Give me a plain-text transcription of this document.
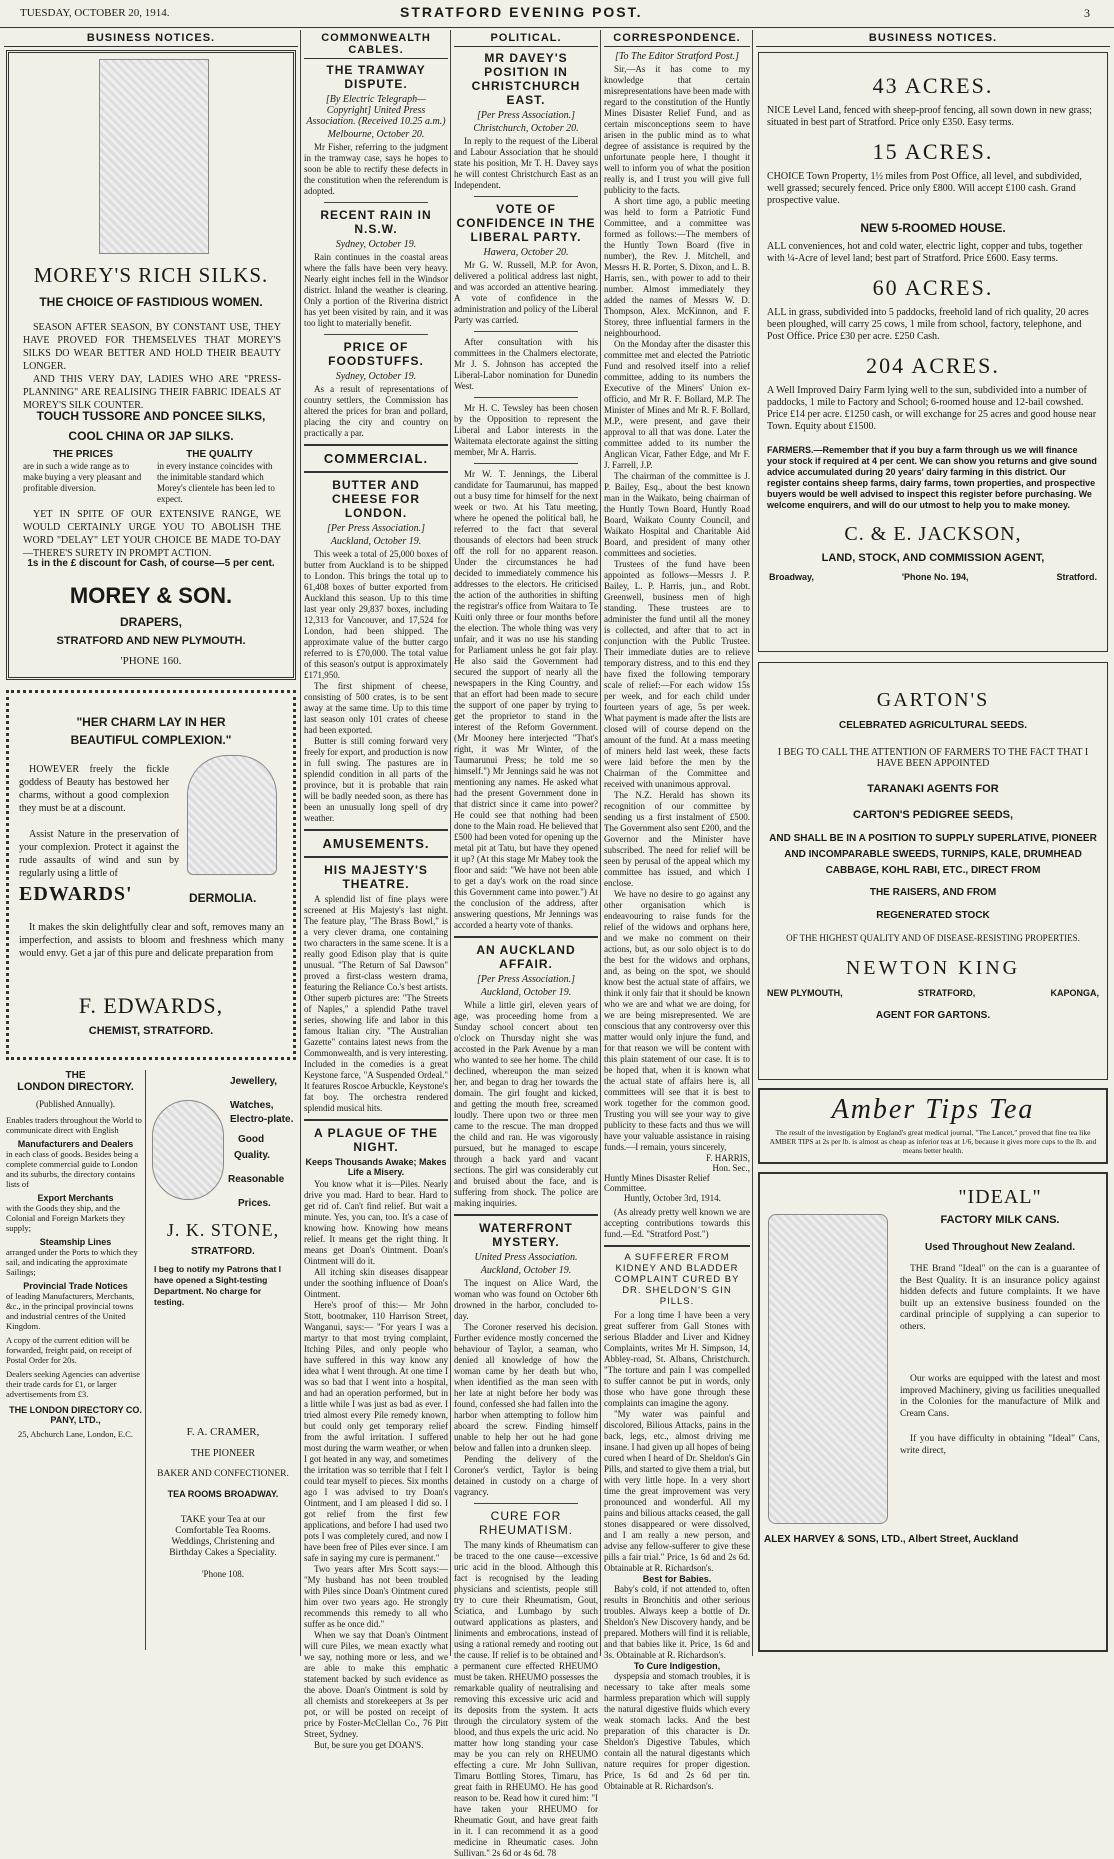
TUESDAY, OCTOBER 20, 1914.	STRATFORD EVENING POST.	3
BUSINESS NOTICES.
MOREY'S RICH SILKS.
THE CHOICE OF FASTIDIOUS WOMEN.

SEASON AFTER SEASON, BY CONSTANT USE, THEY HAVE PROVED FOR THEMSELVES THAT MOREY'S SILKS DO WEAR BETTER AND HOLD THEIR BEAUTY LONGER.

AND THIS VERY DAY, LADIES WHO ARE "PRESS-PLANNING" ARE REALISING THEIR FABRIC IDEALS AT MOREY'S SILK COUNTER.

TOUCH TUSSORE AND PONCEE SILKS,
COOL CHINA OR JAP SILKS.
THE PRICES

are in such a wide range as to make buying a very pleasant and profitable diversion.

THE QUALITY

in every instance coincides with the inimitable standard which Morey's clientele has been led to expect.

YET IN SPITE OF OUR EXTENSIVE RANGE, WE WOULD CERTAINLY URGE YOU TO ABOLISH THE WORD "DELAY" LET YOUR CHOICE BE MADE TO-DAY —THERE'S SURETY IN PROMPT ACTION.

1s in the £ discount for Cash, of course—5 per cent.
MOREY & SON.
DRAPERS,
STRATFORD AND NEW PLYMOUTH.
'PHONE 160.
"HER CHARM LAY IN HER
BEAUTIFUL COMPLEXION."

HOWEVER freely the fickle goddess of Beauty has bestowed her charms, without a good complexion they must be at a discount.

Assist Nature in the preservation of your complexion. Protect it against the rude assaults of wind and sun by regularly using a little of

EDWARDS'	DERMOLIA.

It makes the skin delightfully clear and soft, removes many an imperfection, and assists to bloom and freshness which many would envy. Get a jar of this pure and delicate preparation from

F. EDWARDS,
CHEMIST, STRATFORD.
THE
LONDON DIRECTORY.
(Published Annually).

Enables traders throughout the World to communicate direct with English

Manufacturers and Dealers

in each class of goods. Besides being a complete commercial guide to London and its suburbs, the directory contains lists of

Export Merchants

with the Goods they ship, and the Colonial and Foreign Markets they supply;

Steamship Lines

arranged under the Ports to which they sail, and indicating the approximate Sailings;

Provincial Trade Notices

of leading Manufacturers, Merchants, &c., in the principal provincial towns and industrial centres of the United Kingdom.

A copy of the current edition will be forwarded, freight paid, on receipt of Postal Order for 20s.

Dealers seeking Agencies can advertise their trade cards for £1, or larger advertisements from £3.

THE LONDON DIRECTORY CO.
PANY, LTD.,
25, Abchurch Lane, London, E.C.
Jewellery,
Watches,
Electro-plate.
Good
Quality.
Reasonable
Prices.
J. K. STONE,
STRATFORD.

I beg to notify my Patrons that I have opened a Sight-testing Department. No charge for testing.

F. A. CRAMER,
THE PIONEER
BAKER AND CONFECTIONER.
TEA ROOMS BROADWAY.

TAKE your Tea at our Comfortable Tea Rooms. Weddings, Christening and Birthday Cakes a Speciality.

'Phone 108.
COMMONWEALTH CABLES.
THE TRAMWAY DISPUTE.
[By Electric Telegraph—Copyright] United Press Association. (Received 10.25 a.m.)
Melbourne, October 20.

Mr Fisher, referring to the judgment in the tramway case, says he hopes to soon be able to rectify these defects in the constitution when the referendum is adopted.

RECENT RAIN IN N.S.W.
Sydney, October 19.

Rain continues in the coastal areas where the falls have been very heavy. Nearly eight inches fell in the Windsor district. Inland the weather is clearing. Only a portion of the Riverina district has yet been visited by rain, and it was too light to materially benefit.

PRICE OF FOODSTUFFS.
Sydney, October 19.

As a result of representations of country settlers, the Commission has altered the prices for bran and pollard, placing the city and country on practically a par.

COMMERCIAL.
BUTTER AND CHEESE FOR LONDON.
[Per Press Association.]
Auckland, October 19.

This week a total of 25,000 boxes of butter from Auckland is to be shipped to London. This brings the total up to 61,408 boxes of butter exported from Auckland this season. Up to this time last year only 29,837 boxes, including 12,313 for Vancouver, and 17,524 for London, had been shipped. The approximate value of the butter cargo referred to is £70,000. The total value of this season's output is approximately £171,950.

The first shipment of cheese, consisting of 500 crates, is to be sent away at the same time. Up to this time last season only 101 crates of cheese had been exported.

Butter is still coming forward very freely for export, and production is now in full swing. The pastures are in splendid condition in all parts of the province, but it is probable that rain will be badly needed soon, as there has been an unusually long spell of dry weather.

AMUSEMENTS.
HIS MAJESTY'S THEATRE.

A splendid list of fine plays were screened at His Majesty's last night. The feature play, "The Brass Bowl," is a very clever drama, one containing two characters in the same scene. It is a really good Edison play that is quite unusual. "The Return of Sal Dawson" proved a first-class western drama, featuring the Reliance Co.'s best artists. Other superb pictures are: "The Streets of Naples," a splendid Pathe travel series, showing life and labor in this famous Italian city. "The Australian Gazette" contains latest news from the Commonwealth, and is very interesting. Included in the comedies is a great Keystone farce, "A Suspended Ordeal." It features Roscoe Arbuckle, Keystone's fat boy. The orchestra rendered splendid musical hits.

A PLAGUE OF THE NIGHT.
Keeps Thousands Awake; Makes Life a Misery.

You know what it is—Piles. Nearly drive you mad. Hard to bear. Hard to get rid of. Can't find relief. But wait a minute. Yes, you can, too. It's a case of knowing how. Knowing how means relief. It means get the right thing. It means get Doan's Ointment. Doan's Ointment will do it.

All itching skin diseases disappear under the soothing influence of Doan's Ointment.

Here's proof of this:— Mr John Stott, bootmaker, 110 Harrison Street, Wanganui, says:— "For years I was a martyr to that most trying complaint, Itching Piles, and only people who have suffered in this way know any idea what I went through. At one time I was so bad that I went into a hospital, and had an operation performed, but in a little while I was just as bad as ever. I tried almost every Pile remedy known, but could only get temporary relief from the awful irritation. I suffered most during the warm weather, or when I got heated in any way, and sometimes the irritation was so terrible that I felt I could tear myself to pieces. Six months ago I was advised to try Doan's Ointment, and I am pleased I did so. I got relief from the first few applications, and before I had used two pots I was completely cured, and now I have been free of Piles ever since. I am safe in saying my cure is permanent."

Two years after Mrs Scott says:— "My husband has not been troubled with Piles since Doan's Ointment cured him over two years ago. He strongly recommends this remedy to all who suffer as he once did."

When we say that Doan's Ointment will cure Piles, we mean exactly what we say, nothing more or less, and we are able to make this emphatic statement backed by such evidence as the above. Doan's Ointment is sold by all chemists and storekeepers at 3s per pot, or will be posted on receipt of price by Foster-McClellan Co., 76 Pitt Street, Sydney.

But, be sure you get DOAN'S.

POLITICAL.
MR DAVEY'S POSITION IN CHRISTCHURCH EAST.
[Per Press Association.]
Christchurch, October 20.

In reply to the request of the Liberal and Labour Association that he should state his position, Mr T. H. Davey says he will contest Christchurch East as an Independent.

VOTE OF CONFIDENCE IN THE LIBERAL PARTY.
Hawera, October 20.

Mr G. W. Russell, M.P. for Avon, delivered a political address last night, and was accorded an attentive hearing. A vote of confidence in the administration and policy of the Liberal Party was carried.

After consultation with his committees in the Chalmers electorate, Mr J. S. Johnson has accepted the Liberal-Labor nomination for Dunedin West.

Mr H. C. Tewsley has been chosen by the Opposition to represent the Liberal and Labor interests in the Waitemata electorate against the sitting member, Mr A. Harris.

Mr W. T. Jennings, the Liberal candidate for Taumarunui, has mapped out a busy time for himself for the next week or two. At his Tatu meeting, where he opened the political ball, he referred to the fact that several thousands of electors had been struck off the roll for no apparent reason. Under the circumstances he had decided to immediately commence his addresses to the electors. He criticised the action of the authorities in shifting the registrar's office from Waitara to Te Kuiti only three or four months before the election. The whole thing was very unfair, and it was no use his standing for Parliament unless he got fair play. He also said the Government had secured the support of nearly all the newspapers in the King Country, and that an effort had been made to secure the support of one paper by trying to get the proprietor to stand in the interest of the Reform Government. (Mr Mooney here interjected "That's right, it was Mr Winter, of the Taumarunui Press; he told me so himself.") Mr Jennings said he was not mentioning any names. He asked what had the present Government done in that district since it came into power? He could see that nothing had been done to the Main road. He believed that £500 had been voted for opening up the metal pit at Tatu, but have they opened it up? (At this stage Mr Mabey took the floor and said: "We have not been able to get a day's work on the road since this Government came into power.") At the conclusion of the address, after answering questions, Mr Jennings was accorded a hearty vote of thanks.

AN AUCKLAND AFFAIR.
[Per Press Association.]
Auckland, October 19.

While a little girl, eleven years of age, was proceeding home from a Sunday school concert about ten o'clock on Thursday night she was accosted in the Park Avenue by a man who wanted to see her home. The child declined, whereupon the man seized her, and began to drag her towards the domain. The girl fought and kicked, and getting the mouth free, screamed loudly. There upon two or three men came to the rescue. The man dropped the child and ran. He was vigorously pursued, but he managed to escape through a back yard and vacant sections. The girl was considerably cut and bruised about the face, and is suffering from shock. The police are making inquiries.

WATERFRONT MYSTERY.
United Press Association.
Auckland, October 19.

The inquest on Alice Ward, the woman who was found on October 6th drowned in the harbor, concluded to-day.

The Coroner reserved his decision. Further evidence mostly concerned the behaviour of Taylor, a seaman, who denied all knowledge of how the woman came by her death but who, when identified as the man seen with her late at night before her body was found, confessed she had fallen into the harbor when attempting to follow him aboard the screw. Finding himself unable to help her out he had gone below and fallen into a drunken sleep.

Pending the delivery of the Coroner's verdict, Taylor is being detained in custody on a charge of vagrancy.

CURE FOR RHEUMATISM.

The many kinds of Rheumatism can be traced to the one cause—excessive uric acid in the blood. Although this fact is recognised by the leading physicians and scientists, people still try to cure their Rheumatism, Gout, Sciatica, and Lumbago by such outward applications as plasters, and liniments and embrocations, instead of using a rational remedy and rooting out the cause. If relief is to be obtained and a permanent cure effected RHEUMO must be taken. RHEUMO possesses the remarkable quality of neutralising and removing this excessive uric acid and its deposits from the system. It acts through the circulatory system of the blood, and thus expels the uric acid. No matter how long standing your case may be you can rely on RHEUMO effecting a cure. Mr John Sullivan, Timaru Bottling Stores, Timaru, has great faith in RHEUMO. He has good reason to be. Read how it cured him: "I have taken your RHEUMO for Rheumatic Gout, and have great faith in it. I can recommend it as a good medicine in Rheumatic cases. John Sullivan." 2s 6d or 4s 6d. 78

CORRESPONDENCE.
[To The Editor Stratford Post.]

Sir,—As it has come to my knowledge that certain misrepresentations have been made with regard to the constitution of the Huntly Mines Disaster Relief Fund, and as certain misconceptions seem to have arisen in the public mind as to what degree of assistance is required by the unfortunate people here, I thought it well to inform you of what the position really is, and I trust you will give full publicity to the facts.

A short time ago, a public meeting was held to form a Patriotic Fund Committee, and a committee was formed as follows:—The members of the Huntly Town Board (five in number), the Rev. J. Mitchell, and Messrs H. R. Porter, S. Dixon, and L. B. Harris, sen., with power to add to their number. Almost immediately they added the names of Messrs W. D. Thompson, Alex. McKinnon, and F. Storey, three influential farmers in the neighbourhood.

On the Monday after the disaster this committee met and elected the Patriotic Fund and resolved itself into a relief committee, adding to its numbers the Executive of the Miners' Union ex-officio, and Mr R. F. Bollard, M.P. The Minister of Mines and Mr R. F. Bollard, M.P., were present, and gave their approval to all that was done. Later the committee added to its number the Anglican Vicar, Father Edge, and Mr F. J. Farrell, J.P.

The chairman of the committee is J. P. Bailey, Esq., about the best known man in the Waikato, being chairman of the Huntly Town Board, Huntly Road Board, Waikato County Council, and Waikato Hospital and Charitable Aid Board, and president of many other committees and societies.

Trustees of the fund have been appointed as follows—Messrs J. P. Bailey, L. P. Harris, jun., and Robt. Greenwell, business men of high standing. These trustees are to administer the fund until all the money is collected, and after that to act in conjunction with the Public Trustee. Their immediate duties are to relieve temporary distress, and to this end they have fixed the following temporary scale of relief:—For each widow 15s per week, and for each child under fourteen years of age, 5s per week. What payment is made after the lists are closed will of course depend on the amount of the fund. At a mass meeting of miners held last week, these facts were laid before the men by the Chairman of the Committee and received with unanimous approval.

The N.Z. Herald has shown its recognition of our committee by sending us a first instalment of £500. The Government also sent £200, and the Governor and the Minister have subscribed. The need for relief will be seen by perusal of the appeal which my committee has issued, and which I enclose.

We have no desire to go against any other organisation which is endeavouring to raise funds for the relief of the widows and orphans here, and we make no comment on their actions, but, as our solo object is to do the best for the widows and orphans, and, as being on the spot, we should know best the actual state of affairs, we think it only fair that it should be known who we are and what we are doing, for we are being misrepresented. We are conscious that any controversy over this matter would only injure the fund, and for that reason we will be content with this plain statement of our case. It is to be hoped that, when it is known what the actual state of affairs here is, all committees will see that it is best to work together for the common good. Trusting you will see your way to give publicity to these facts and thus we will have your valuable assistance in raising funds.—I remain, yours sincerely,

F. HARRIS,
Hon. Sec.,
Huntly Mines Disaster Relief Committee.
Huntly, October 3rd, 1914.

(As already pretty well known we are accepting contributions towards this fund.—Ed. "Stratford Post.")

A SUFFERER FROM KIDNEY AND BLADDER COMPLAINT CURED BY DR. SHELDON'S GIN PILLS.

For a long time I have been a very great sufferer from Gall Stones with serious Bladder and Liver and Kidney Complaints, writes Mr H. Simpson, 14, Abbley-road, St. Albans, Christchurch. "The torture and pain I was compelled to suffer cannot be put in words, only those who have gone through these complaints can imagine the agony.

"My water was painful and discolored, Bilious Attacks, pains in the back, legs, etc., almost driving me insane. I had given up all hopes of being cured when I heard of Dr. Sheldon's Gin Pills, and started to give them a trial, but with very little hope. In a very short time the great improvement was very pronounced and wonderful. All my pains and bilious attacks ceased, the gall stones disappeared or were dissolved, and I am really a new person, and advise any fellow-sufferer to give these pills a fair trial." Price, 1s 6d and 2s 6d. Obtainable at R. Richardson's.

Best for Babies.

Baby's cold, if not attended to, often results in Bronchitis and other serious troubles. Always keep a bottle of Dr. Sheldon's New Discovery handy, and be prepared. Mothers will find it is reliable, and that babies like it. Price, 1s 6d and 3s. Obtainable at R. Richardson's.

To Cure Indigestion,

dyspepsia and stomach troubles, it is necessary to take after meals some harmless preparation which will supply the natural digestive fluids which every weak stomach lacks. And the best preparation of this character is Dr. Sheldon's Digestive Tabules, which contain all the natural digestants which nature requires for proper digestion. Price, 1s 6d and 2s 6d per tin. Obtainable at R. Richardson's.

BUSINESS NOTICES.
43 ACRES.

NICE Level Land, fenced with sheep-proof fencing, all sown down in new grass; situated in best part of Stratford. Price only £350. Easy terms.

15 ACRES.

CHOICE Town Property, 1½ miles from Post Office, all level, and subdivided, well grassed; securely fenced. Price only £800. Will accept £100 cash. Grand prospective value.

NEW 5-ROOMED HOUSE.

ALL conveniences, hot and cold water, electric light, copper and tubs, together with ¼-Acre of level land; best part of Stratford. Price £600. Easy terms.

60 ACRES.

ALL in grass, subdivided into 5 paddocks, freehold land of rich quality, 20 acres been ploughed, will carry 25 cows, 1 mile from school, factory, telephone, and Post Office. Price £30 per acre. £250 Cash.

204 ACRES.

A Well Improved Dairy Farm lying well to the sun, subdivided into a number of paddocks, 1 mile to Factory and School; 6-roomed house and 12-bail cowshed. Price £14 per acre. £1250 cash, or will exchange for 25 acres and good house near Town. Equity about £1500.

FARMERS.—Remember that if you buy a farm through us we will finance your stock if required at 4 per cent. We can show you returns and give sound advice accumulated during 20 years' dairy farming in this district. Our register contains sheep farms, dairy farms, town properties, and prospective buyers would be well advised to inspect this register before purchasing. We welcome enquirers, and will do our utmost to help you to make money.

C. & E. JACKSON,
LAND, STOCK, AND COMMISSION AGENT,
Broadway,	'Phone No. 194,	Stratford.
GARTON'S
CELEBRATED AGRICULTURAL SEEDS.

I BEG TO CALL THE ATTENTION OF FARMERS TO THE FACT THAT I HAVE BEEN APPOINTED

TARANAKI AGENTS FOR
CARTON'S PEDIGREE SEEDS,

AND SHALL BE IN A POSITION TO SUPPLY SUPERLATIVE, PIONEER AND INCOMPARABLE SWEEDS, TURNIPS, KALE, DRUMHEAD CABBAGE, KOHL RABI, ETC., DIRECT FROM

THE RAISERS, AND FROM
REGENERATED STOCK

OF THE HIGHEST QUALITY AND OF DISEASE-RESISTING PROPERTIES.

NEWTON KING
NEW PLYMOUTH,	STRATFORD,	KAPONGA,
AGENT FOR GARTONS.
Amber Tips Tea

The result of the investigation by England's great medical journal, "The Lancet," proved that fine tea like AMBER TIPS at 2s per lb. is almost as cheap as inferior teas at 1/6, because it gives more cups to the lb. and means better health.

"IDEAL"
FACTORY MILK CANS.
Used Throughout New Zealand.

THE Brand "Ideal" on the can is a guarantee of the Best Quality. It is an insurance policy against hidden defects and future complaints. It we have built up an extensive business founded on the cardinal principle of supplying a can superior to others.

Our works are equipped with the latest and most improved Machinery, giving us facilities unequalled in the Colonies for the manufacture of Milk and Cream Cans.

If you have difficulty in obtaining "Ideal" Cans, write direct,

ALEX HARVEY & SONS, LTD., Albert Street, Auckland
